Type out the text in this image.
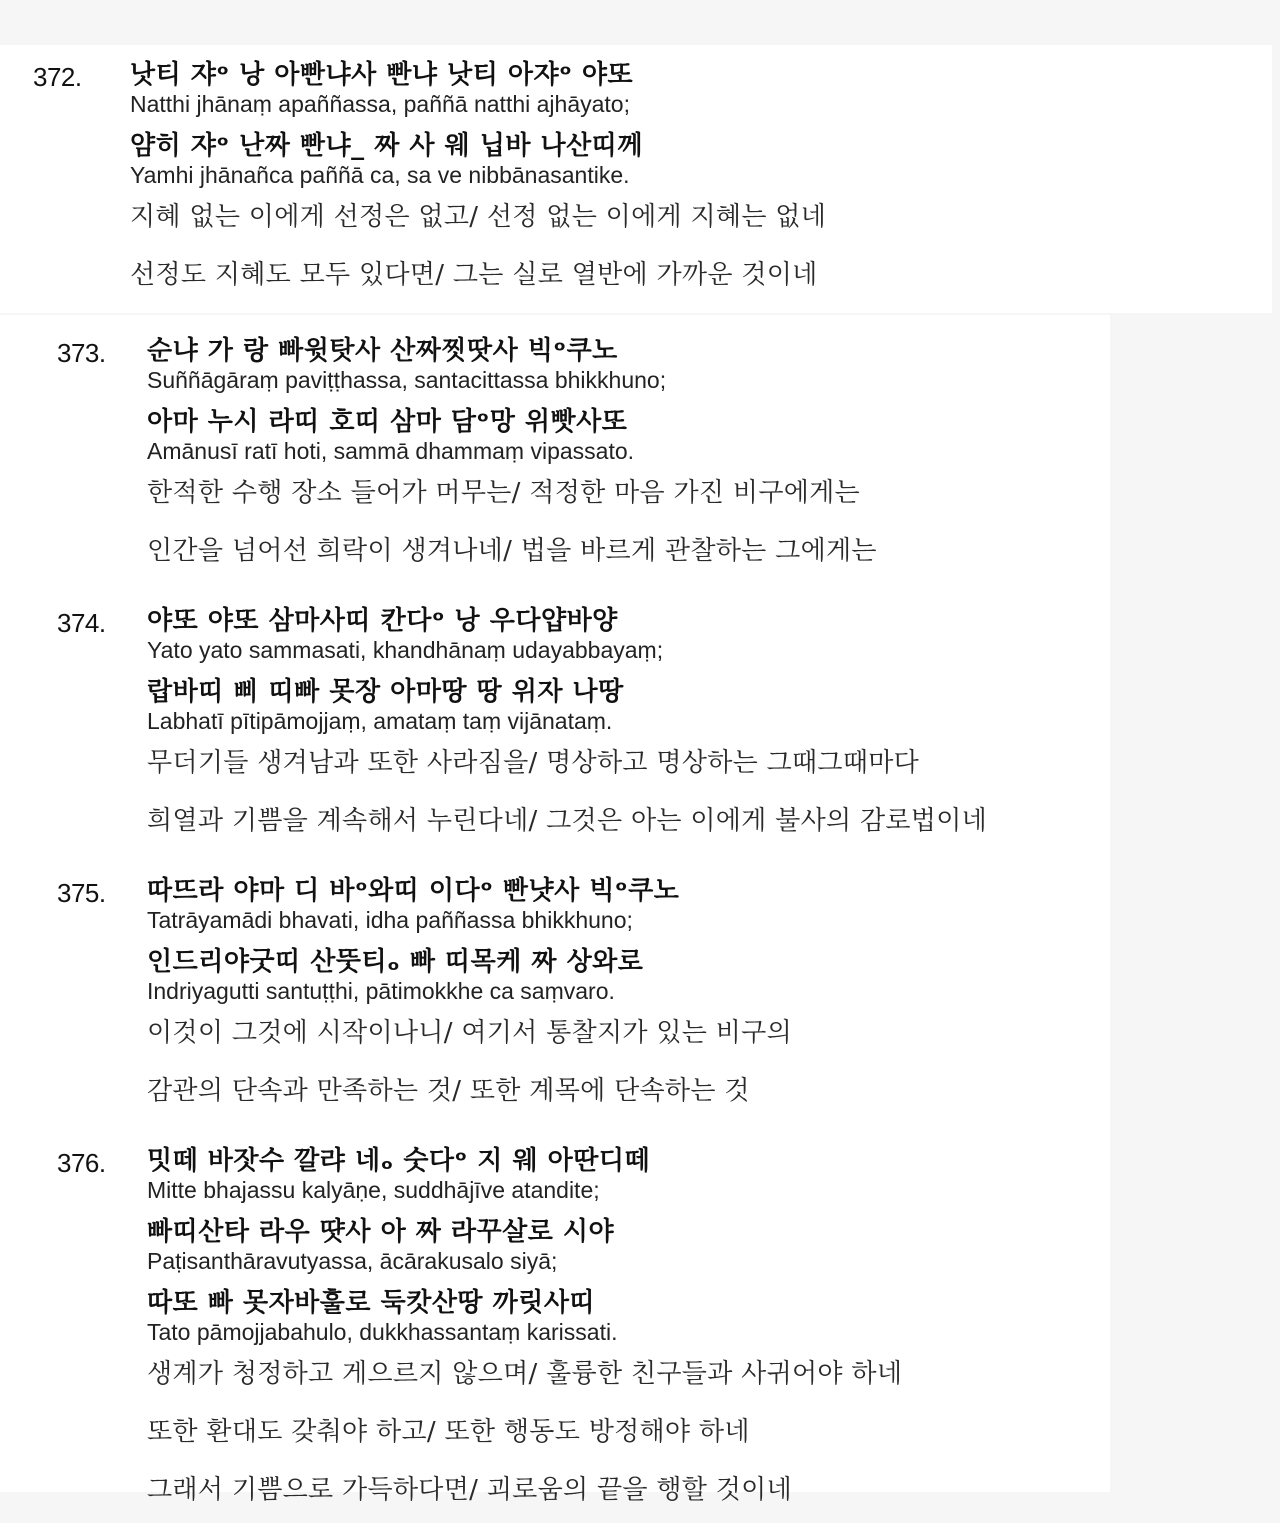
372. 낫티 쟈ᵒ 낭 아빤냐사 빤냐 낫티 아쟈ᵒ 야또
Natthi jhānaṃ apaññassa, paññā natthi ajhāyato;
얌히 쟈ᵒ 난짜 빤냐_ 짜 사 웨 닙바 나산띠께
Yamhi jhānañca paññā ca, sa ve nibbānasantike.
지혜 없는 이에게 선정은 없고/ 선정 없는 이에게 지혜는 없네
선정도 지혜도 모두 있다면/ 그는 실로 열반에 가까운 것이네
373. 순냐 가 랑 빠윗탓사 산짜찟땃사 빅ᵒ쿠노
Suññāgāraṃ paviṭṭhassa, santacittassa bhikkhuno;
아마 누시 라띠 호띠 삼마 담ᵒ망 위빳사또
Amānusī ratī hoti, sammā dhammaṃ vipassato.
한적한 수행 장소 들어가 머무는/ 적정한 마음 가진 비구에게는
인간을 넘어선 희락이 생겨나네/ 법을 바르게 관찰하는 그에게는
374. 야또 야또 삼마사띠 칸다ᵒ 낭 우다얍바양
Yato yato sammasati, khandhānaṃ udayabbayaṃ;
랍바띠 삐 띠빠 못장 아마땅 땅 위자 나땅
Labhatī pītipāmojjaṃ, amataṃ taṃ vijānataṃ.
무더기들 생겨남과 또한 사라짐을/ 명상하고 명상하는 그때그때마다
희열과 기쁨을 계속해서 누린다네/ 그것은 아는 이에게 불사의 감로법이네
375. 따뜨라 야마 디 바ᵒ와띠 이다ᵒ 빤냣사 빅ᵒ쿠노
Tatrāyamādi bhavati, idha paññassa bhikkhuno;
인드리야굿띠 산뚯티ₒ 빠 띠목케 짜 상와로
Indriyagutti santuṭṭhi, pātimokkhe ca saṃvaro.
이것이 그것에 시작이나니/ 여기서 통찰지가 있는 비구의
감관의 단속과 만족하는 것/ 또한 계목에 단속하는 것
376. 밋떼 바잣수 깔랴 네ₒ 숫다ᵒ 지 웨 아딴디떼
Mitte bhajassu kalyāṇe, suddhājīve atandite;
빠띠산타 라우 땻사 아 짜 라꾸살로 시야
Paṭisanthāravutyassa, ācārakusalo siyā;
따또 빠 못자바훌로 둑캇산땅 까릿사띠
Tato pāmojjabahulo, dukkhassantaṃ karissati.
생계가 청정하고 게으르지 않으며/ 훌륭한 친구들과 사귀어야 하네
또한 환대도 갖춰야 하고/ 또한 행동도 방정해야 하네
그래서 기쁨으로 가득하다면/ 괴로움의 끝을 행할 것이네
